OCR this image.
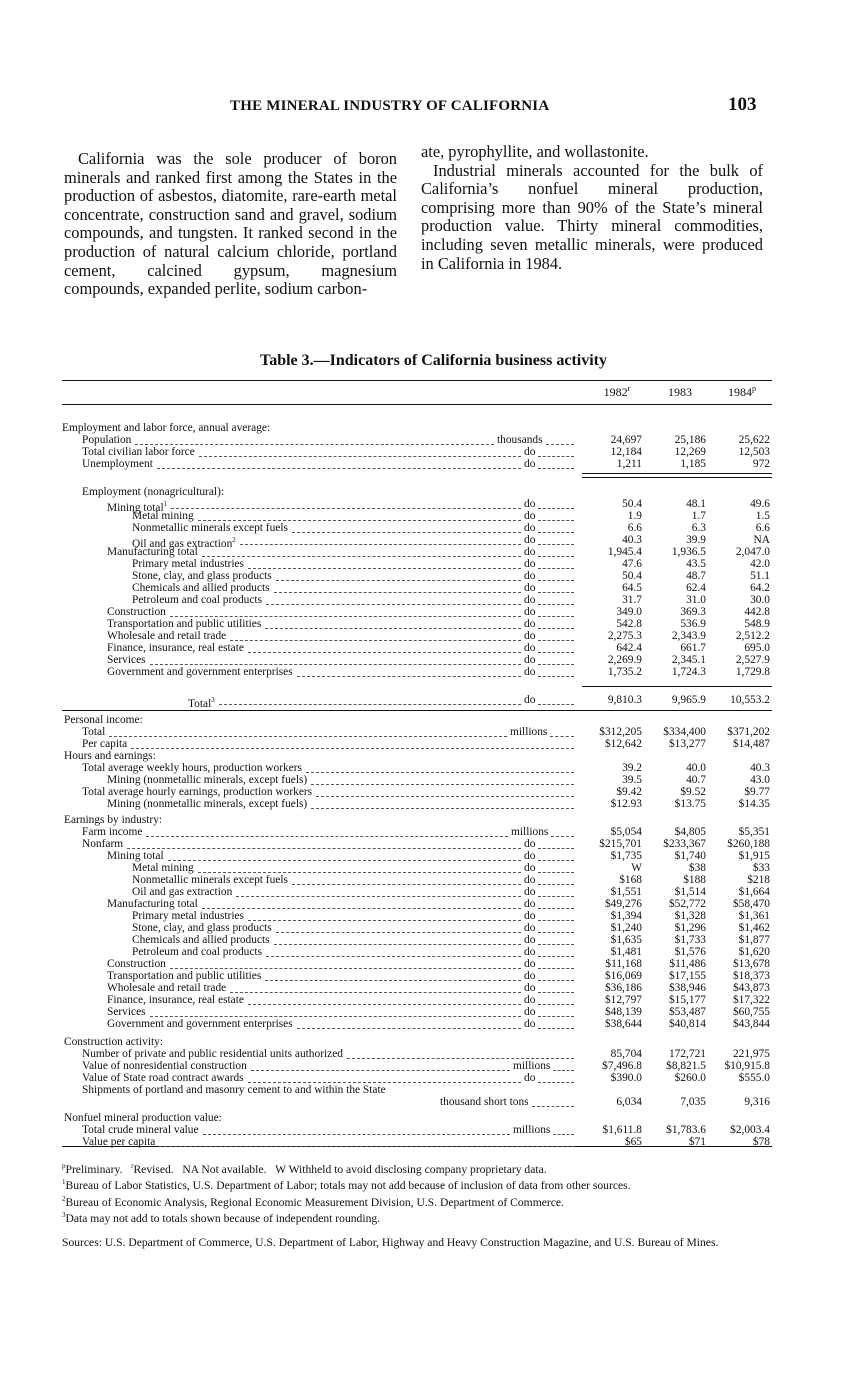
THE MINERAL INDUSTRY OF CALIFORNIA	103

California was the sole producer of boron minerals and ranked first among the States in the production of asbestos, diatomite, rare-earth metal concentrate, construction sand and gravel, sodium compounds, and tungsten. It ranked second in the production of natural calcium chloride, portland cement, calcined gypsum, magnesium compounds, expanded perlite, sodium carbon-

ate, pyrophyllite, and wollastonite.

Industrial minerals accounted for the bulk of California’s nonfuel mineral production, comprising more than 90% of the State’s mineral production value. Thirty mineral commodities, including seven metallic minerals, were produced in California in 1984.

Table 3.—Indicators of California business activity
1982$^r$	1983	1984$^p$
Employment and labor force, annual average:
Population	thousands	24,697	25,186	25,622
Total civilian labor force	do	12,184	12,269	12,503
Unemployment	do	1,211	1,185	972
Employment (nonagricultural):
Mining total$^1$	do	50.4	48.1	49.6
Metal mining	do	1.9	1.7	1.5
Nonmetallic minerals except fuels	do	6.6	6.3	6.6
Oil and gas extraction$^2$	do	40.3	39.9	NA
Manufacturing total	do	1,945.4	1,936.5	2,047.0
Primary metal industries	do	47.6	43.5	42.0
Stone, clay, and glass products	do	50.4	48.7	51.1
Chemicals and allied products	do	64.5	62.4	64.2
Petroleum and coal products	do	31.7	31.0	30.0
Construction	do	349.0	369.3	442.8
Transportation and public utilities	do	542.8	536.9	548.9
Wholesale and retail trade	do	2,275.3	2,343.9	2,512.2
Finance, insurance, real estate	do	642.4	661.7	695.0
Services	do	2,269.9	2,345.1	2,527.9
Government and government enterprises	do	1,735.2	1,724.3	1,729.8
Total$^3$	do	9,810.3	9,965.9	10,553.2
Personal income:
Total	millions	$312,205	$334,400	$371,202
Per capita	$12,642	$13,277	$14,487
Hours and earnings:
Total average weekly hours, production workers	39.2	40.0	40.3
Mining (nonmetallic minerals, except fuels)	39.5	40.7	43.0
Total average hourly earnings, production workers	$9.42	$9.52	$9.77
Mining (nonmetallic minerals, except fuels)	$12.93	$13.75	$14.35
Earnings by industry:
Farm income	millions	$5,054	$4,805	$5,351
Nonfarm	do	$215,701	$233,367	$260,188
Mining total	do	$1,735	$1,740	$1,915
Metal mining	do	W	$38	$33
Nonmetallic minerals except fuels	do	$168	$188	$218
Oil and gas extraction	do	$1,551	$1,514	$1,664
Manufacturing total	do	$49,276	$52,772	$58,470
Primary metal industries	do	$1,394	$1,328	$1,361
Stone, clay, and glass products	do	$1,240	$1,296	$1,462
Chemicals and allied products	do	$1,635	$1,733	$1,877
Petroleum and coal products	do	$1,481	$1,576	$1,620
Construction	do	$11,168	$11,486	$13,678
Transportation and public utilities	do	$16,069	$17,155	$18,373
Wholesale and retail trade	do	$36,186	$38,946	$43,873
Finance, insurance, real estate	do	$12,797	$15,177	$17,322
Services	do	$48,139	$53,487	$60,755
Government and government enterprises	do	$38,644	$40,814	$43,844
Construction activity:
Number of private and public residential units authorized	85,704	172,721	221,975
Value of nonresidential construction	millions	$7,496.8	$8,821.5	$10,915.8
Value of State road contract awards	do	$390.0	$260.0	$555.0
Shipments of portland and masonry cement to and within the State
thousand short tons	6,034	7,035	9,316
Nonfuel mineral production value:
Total crude mineral value	millions	$1,611.8	$1,783.6	$2,003.4
Value per capita	$65	$71	$78

$^p$Preliminary. $^r$Revised. NA Not available. W Withheld to avoid disclosing company proprietary data.

$^1$Bureau of Labor Statistics, U.S. Department of Labor; totals may not add because of inclusion of data from other sources.

$^2$Bureau of Economic Analysis, Regional Economic Measurement Division, U.S. Department of Commerce.

$^3$Data may not add to totals shown because of independent rounding.

Sources: U.S. Department of Commerce, U.S. Department of Labor, Highway and Heavy Construction Magazine, and U.S. Bureau of Mines.
